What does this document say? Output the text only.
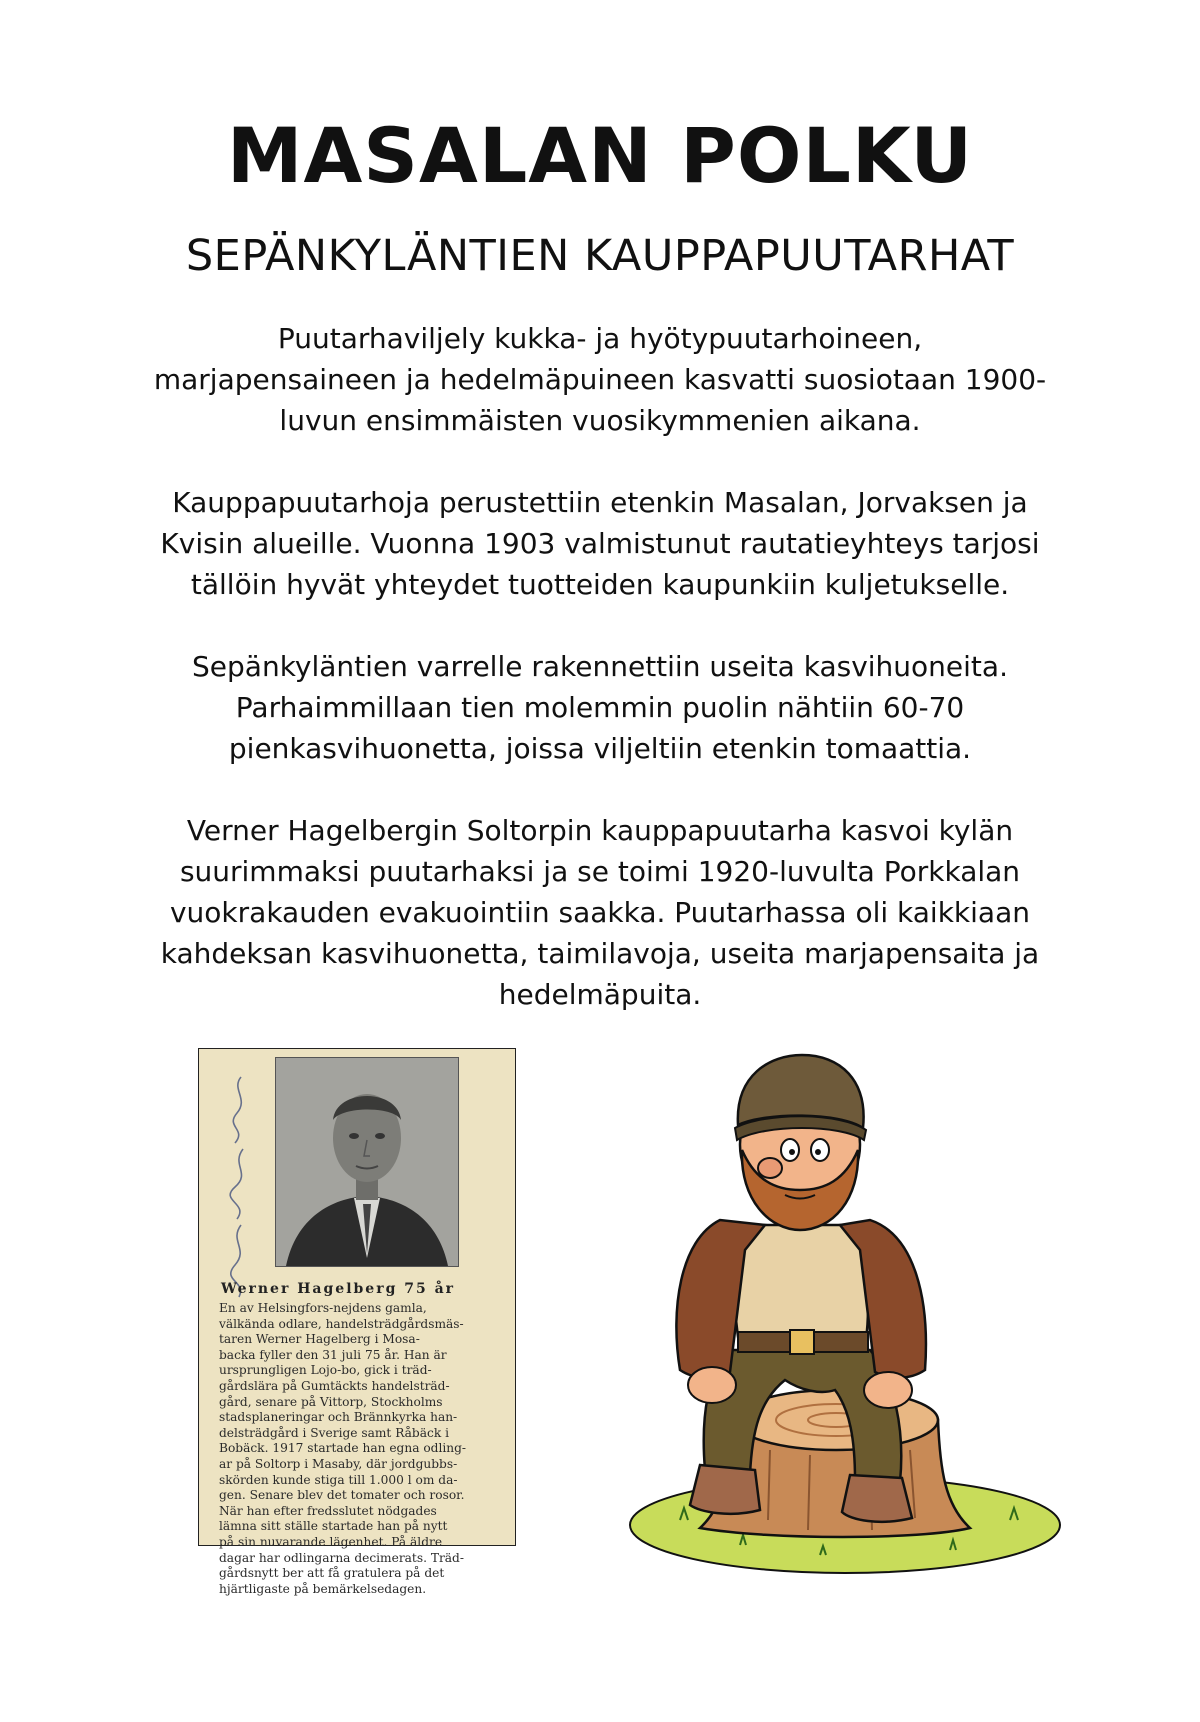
MASALAN POLKU
SEPÄNKYLÄNTIEN KAUPPAPUUTARHAT

Puutarhaviljely kukka- ja hyötypuutarhoineen,
marjapensaineen ja hedelmäpuineen kasvatti suosiotaan 1900-
luvun ensimmäisten vuosikymmenien aikana.

Kauppapuutarhoja perustettiin etenkin Masalan, Jorvaksen ja
Kvisin alueille. Vuonna 1903 valmistunut rautatieyhteys tarjosi
tällöin hyvät yhteydet tuotteiden kaupunkiin kuljetukselle.

Sepänkyläntien varrelle rakennettiin useita kasvihuoneita.
Parhaimmillaan tien molemmin puolin nähtiin 60-70
pienkasvihuonetta, joissa viljeltiin etenkin tomaattia.

Verner Hagelbergin Soltorpin kauppapuutarha kasvoi kylän
suurimmaksi puutarhaksi ja se toimi 1920-luvulta Porkkalan
vuokrakauden evakuointiin saakka. Puutarhassa oli kaikkiaan
kahdeksan kasvihuonetta, taimilavoja, useita marjapensaita ja
hedelmäpuita.

Werner Hagelberg 75 år
En av Helsingfors-nejdens gamla,
välkända odlare, handelsträdgårdsmäs-
taren Werner Hagelberg i Mosa-
backa fyller den 31 juli 75 år. Han är
ursprungligen Lojo-bo, gick i träd-
gårdslära på Gumtäckts handelsträd-
gård, senare på Vittorp, Stockholms
stadsplaneringar och Brännkyrka han-
delsträdgård i Sverige samt Råbäck i
Bobäck. 1917 startade han egna odling-
ar på Soltorp i Masaby, där jordgubbs-
skörden kunde stiga till 1.000 l om da-
gen. Senare blev det tomater och rosor.
När han efter fredsslutet nödgades
lämna sitt ställe startade han på nytt
på sin nuvarande lägenhet. På äldre
dagar har odlingarna decimerats. Träd-
gårdsnytt ber att få gratulera på det
hjärtligaste på bemärkelsedagen.
